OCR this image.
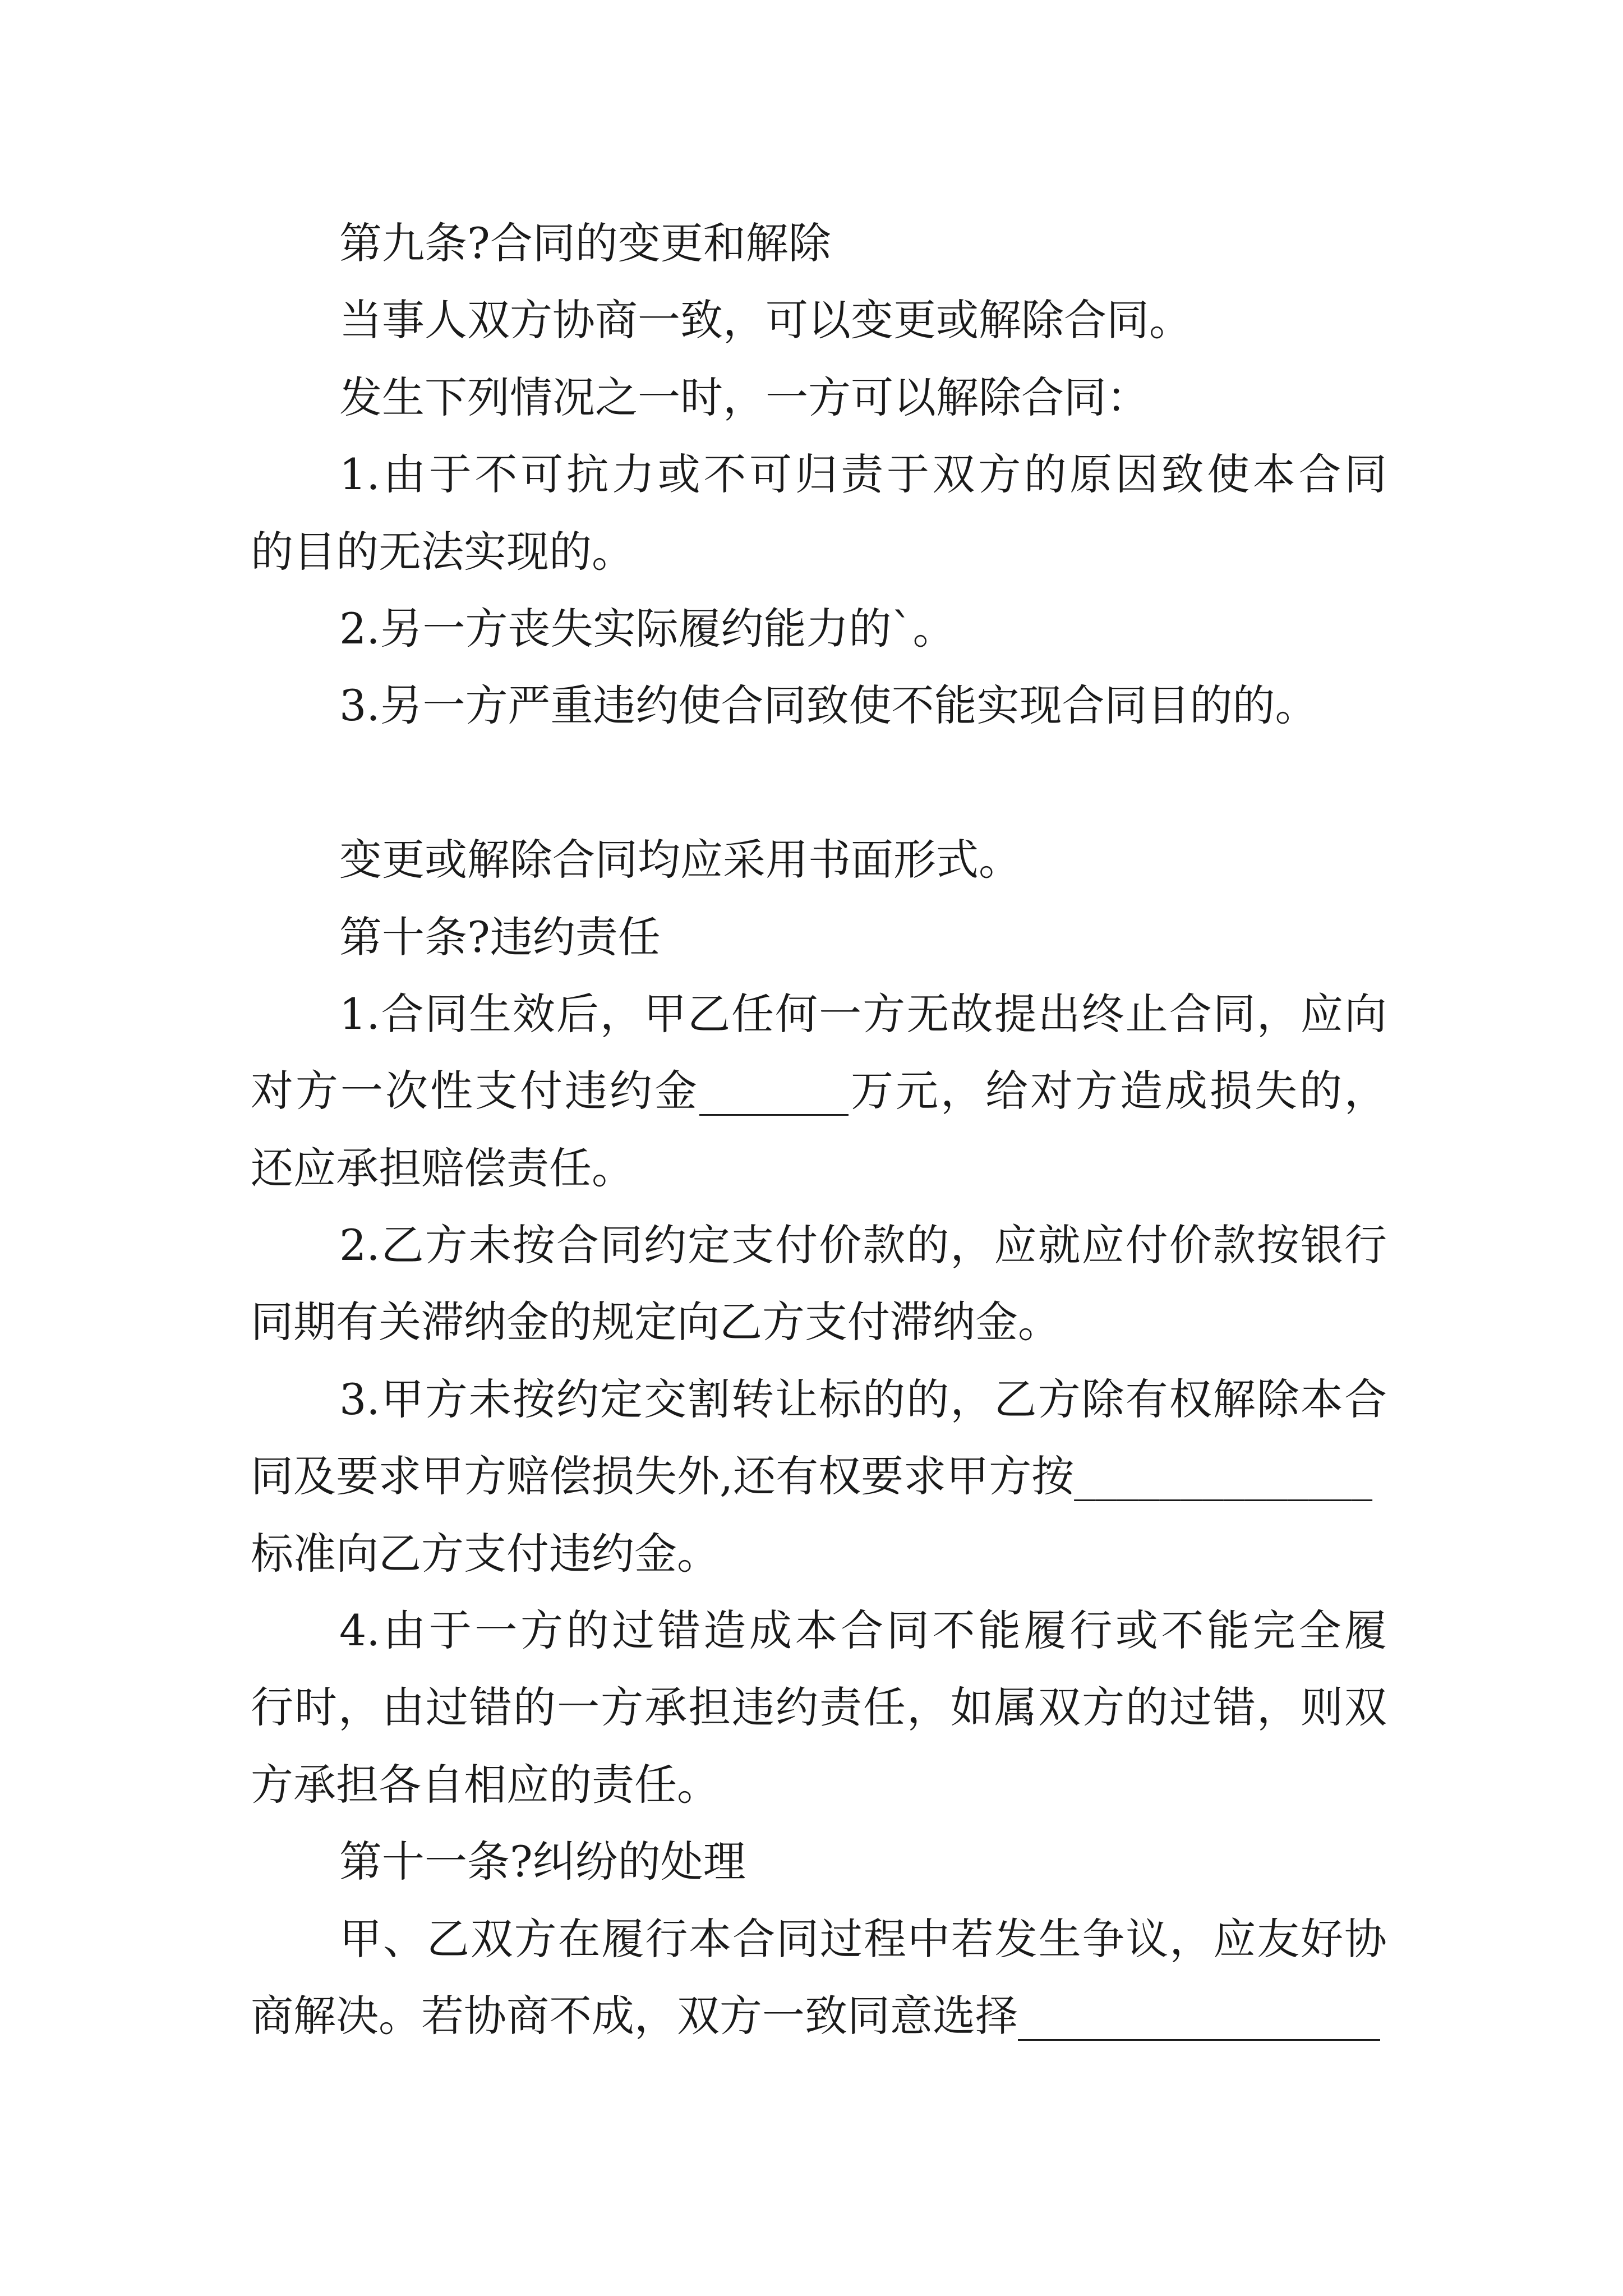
第九条?合同的变更和解除
当事人双方协商一致，可以变更或解除合同。
发生下列情况之一时，一方可以解除合同：
1.由于不可抗力或不可归责于双方的原因致使本合同
的目的无法实现的。
2.另一方丧失实际履约能力的`。
3.另一方严重违约使合同致使不能实现合同目的的。
变更或解除合同均应采用书面形式。
第十条?违约责任
1.合同生效后，甲乙任何一方无故提出终止合同，应向
对方一次性支付违约金_______万元，给对方造成损失的，
还应承担赔偿责任。
2.乙方未按合同约定支付价款的，应就应付价款按银行
同期有关滞纳金的规定向乙方支付滞纳金。
3.甲方未按约定交割转让标的的，乙方除有权解除本合
同及要求甲方赔偿损失外,还有权要求甲方按______________
标准向乙方支付违约金。
4.由于一方的过错造成本合同不能履行或不能完全履
行时，由过错的一方承担违约责任，如属双方的过错，则双
方承担各自相应的责任。
第十一条?纠纷的处理
甲、乙双方在履行本合同过程中若发生争议，应友好协
商解决。若协商不成，双方一致同意选择_________________
